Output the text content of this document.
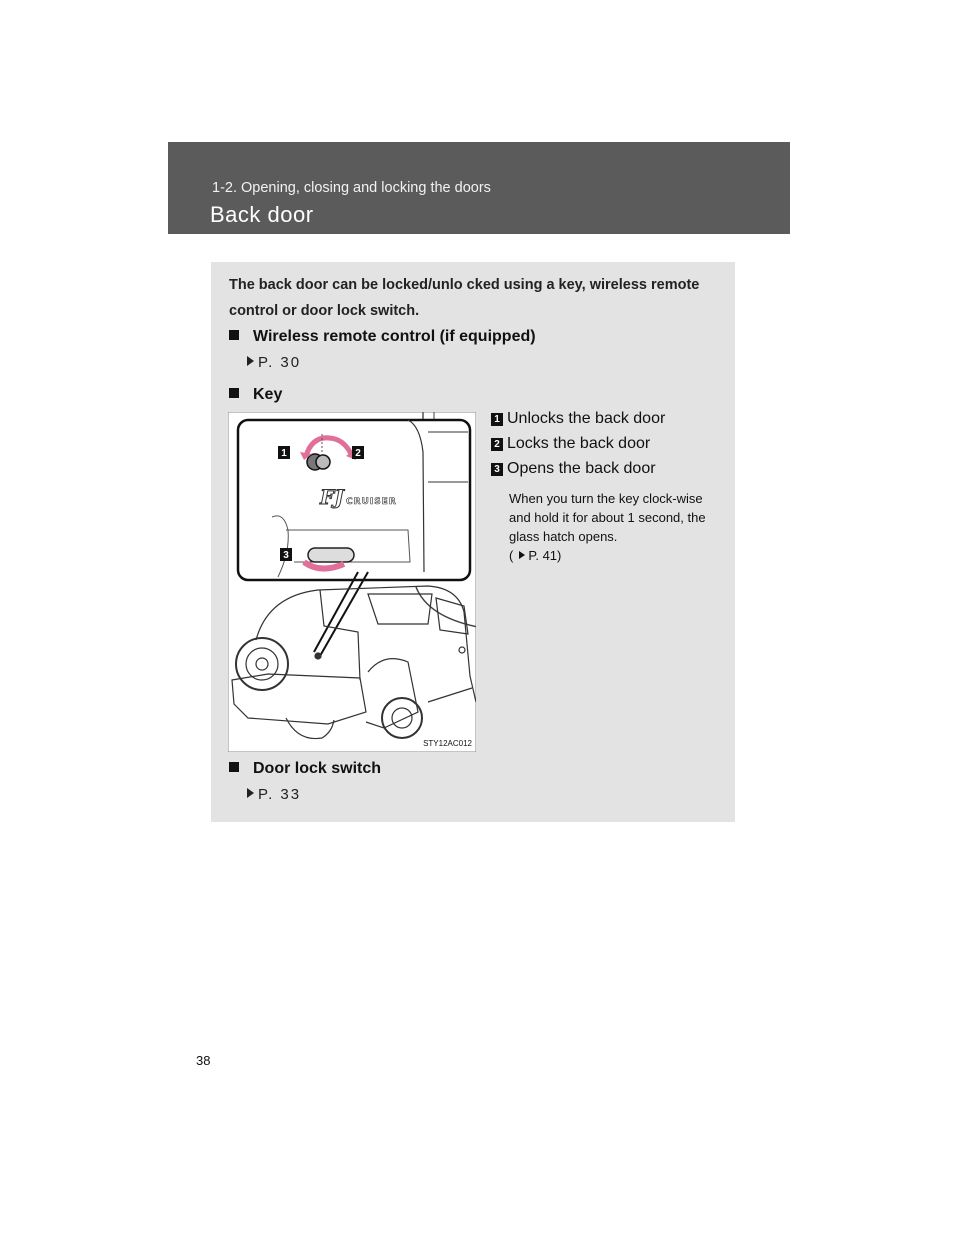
1-2. Opening, closing and locking the doors
Back door
The back door can be locked/unlo cked using a key, wireless remote control or door lock switch.
Wireless remote control (if equipped)
P. 30
Key
Door lock switch
P. 33
FJ CRUISER
1	2
3
STY12AC012
1 Unlocks the back door
2 Locks the back door
3 Opens the back door
When you turn the key clock-wise and hold it for about 1 second, the glass hatch opens.
( P. 41)
38
